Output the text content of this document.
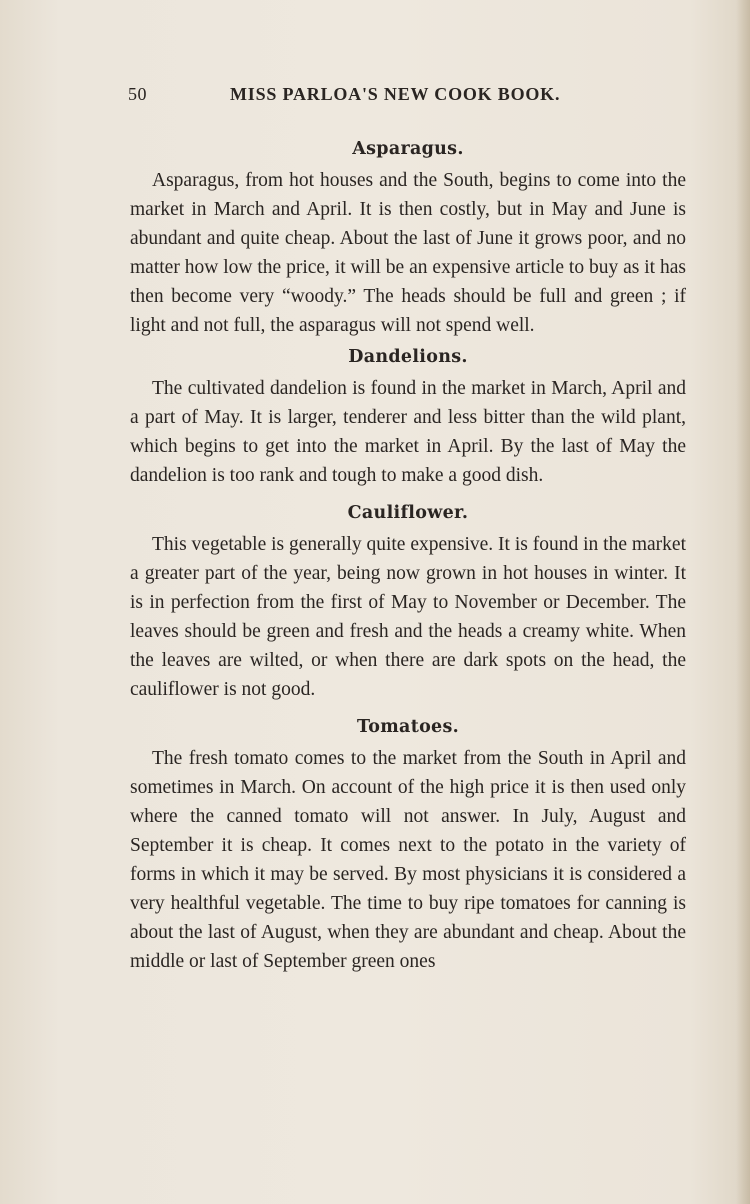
50	MISS PARLOA'S NEW COOK BOOK.
Asparagus.

Asparagus, from hot houses and the South, begins to come into the market in March and April. It is then costly, but in May and June is abundant and quite cheap. About the last of June it grows poor, and no matter how low the price, it will be an expensive article to buy as it has then become very “woody.” The heads should be full and green ; if light and not full, the asparagus will not spend well.

Dandelions.

The cultivated dandelion is found in the market in March, April and a part of May. It is larger, tenderer and less bitter than the wild plant, which begins to get into the market in April. By the last of May the dandelion is too rank and tough to make a good dish.

Cauliflower.

This vegetable is generally quite expensive. It is found in the market a greater part of the year, being now grown in hot houses in winter. It is in perfection from the first of May to November or December. The leaves should be green and fresh and the heads a creamy white. When the leaves are wilted, or when there are dark spots on the head, the cauliflower is not good.

Tomatoes.

The fresh tomato comes to the market from the South in April and sometimes in March. On account of the high price it is then used only where the canned tomato will not answer. In July, August and September it is cheap. It comes next to the potato in the variety of forms in which it may be served. By most physicians it is considered a very healthful vegetable. The time to buy ripe tomatoes for canning is about the last of August, when they are abundant and cheap. About the middle or last of September green ones
